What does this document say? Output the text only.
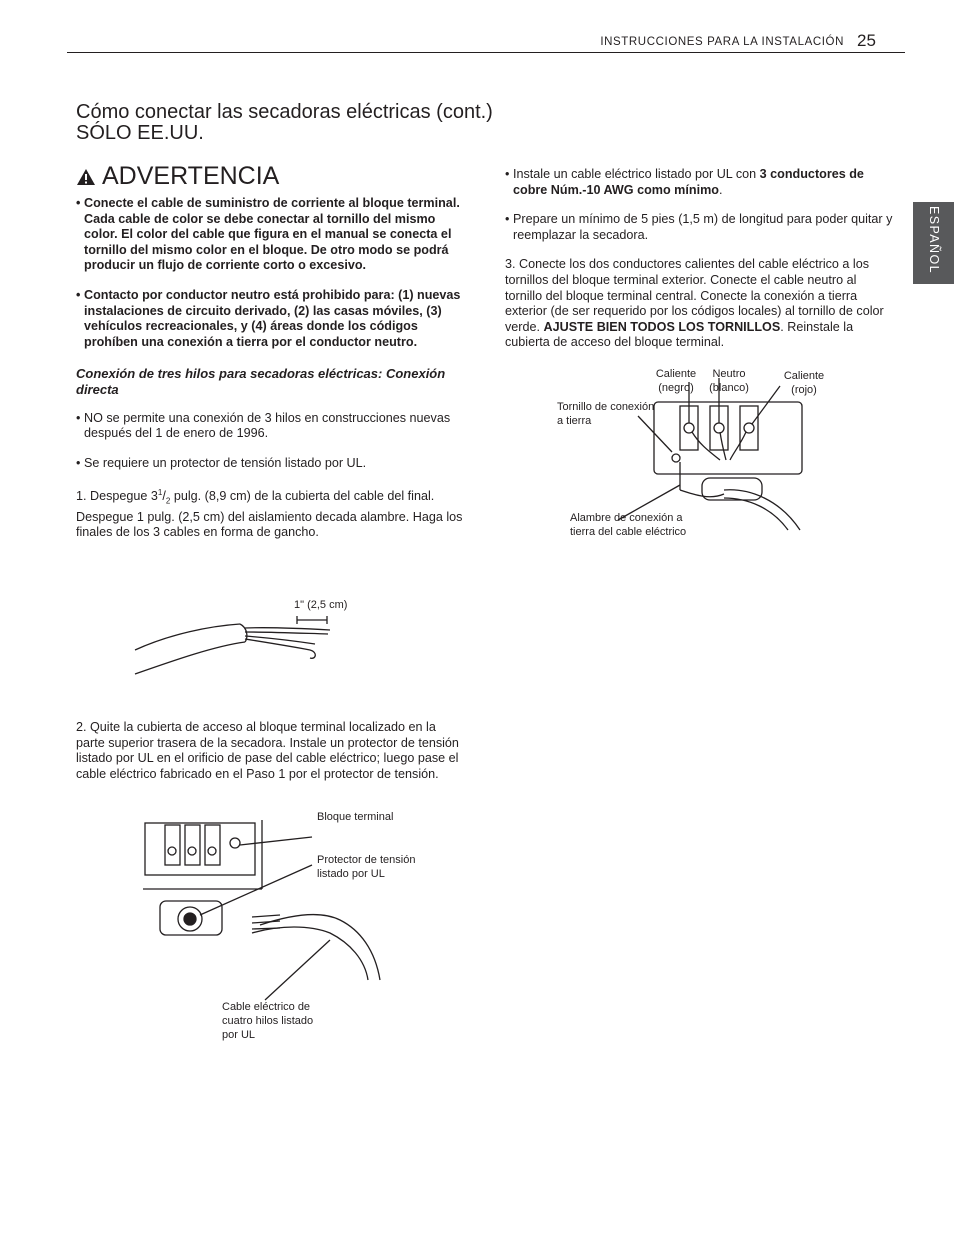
INSTRUCCIONES PARA LA INSTALACIÓN 25
ESPAÑOL
Cómo conectar las secadoras eléctricas (cont.)
SÓLO EE.UU.
ADVERTENCIA
• Conecte el cable de suministro de corriente al bloque terminal. Cada cable de color se debe conectar al tornillo del mismo color. El color del cable que figura en el manual se conecta el tornillo del mismo color en el bloque. De otro modo se podrá producir un flujo de corriente corto o excesivo.
• Contacto por conductor neutro está prohibido para: (1) nuevas instalaciones de circuito derivado, (2) las casas móviles, (3) vehículos recreacionales, y (4) áreas donde los códigos prohíben una conexión a tierra por el conductor neutro.
Conexión de tres hilos para secadoras eléctricas: Conexión directa
• NO se permite una conexión de 3 hilos en construcciones nuevas después del 1 de enero de 1996.
• Se requiere un protector de tensión listado por UL.
1. Despegue $3^1/_2$ pulg. (8,9 cm) de la cubierta del cable del final. Despegue 1 pulg. (2,5 cm) del aislamiento decada alambre. Haga los finales de los 3 cables en forma de gancho.
1" (2,5 cm)
2. Quite la cubierta de acceso al bloque terminal localizado en la parte superior trasera de la secadora. Instale un protector de tensión listado por UL en el orificio de pase del cable eléctrico; luego pase el cable eléctrico fabricado en el Paso 1 por el protector de tensión.
Bloque terminal
Protector de tensión listado por UL
Cable eléctrico de cuatro hilos listado por UL
• Instale un cable eléctrico listado por UL con 3 conductores de cobre Núm.-10 AWG como mínimo.
• Prepare un mínimo de 5 pies (1,5 m) de longitud para poder quitar y reemplazar la secadora.
3. Conecte los dos conductores calientes del cable eléctrico a los tornillos del bloque terminal exterior. Conecte el cable neutro al tornillo del bloque terminal central. Conecte la conexión a tierra exterior (de ser requerido por los códigos locales) al tornillo de color verde. AJUSTE BIEN TODOS LOS TORNILLOS. Reinstale la cubierta de acceso del bloque terminal.
Caliente (negro)
Neutro (blanco)
Caliente (rojo)
Tornillo de conexión a tierra
Alambre de conexión a tierra del cable eléctrico
